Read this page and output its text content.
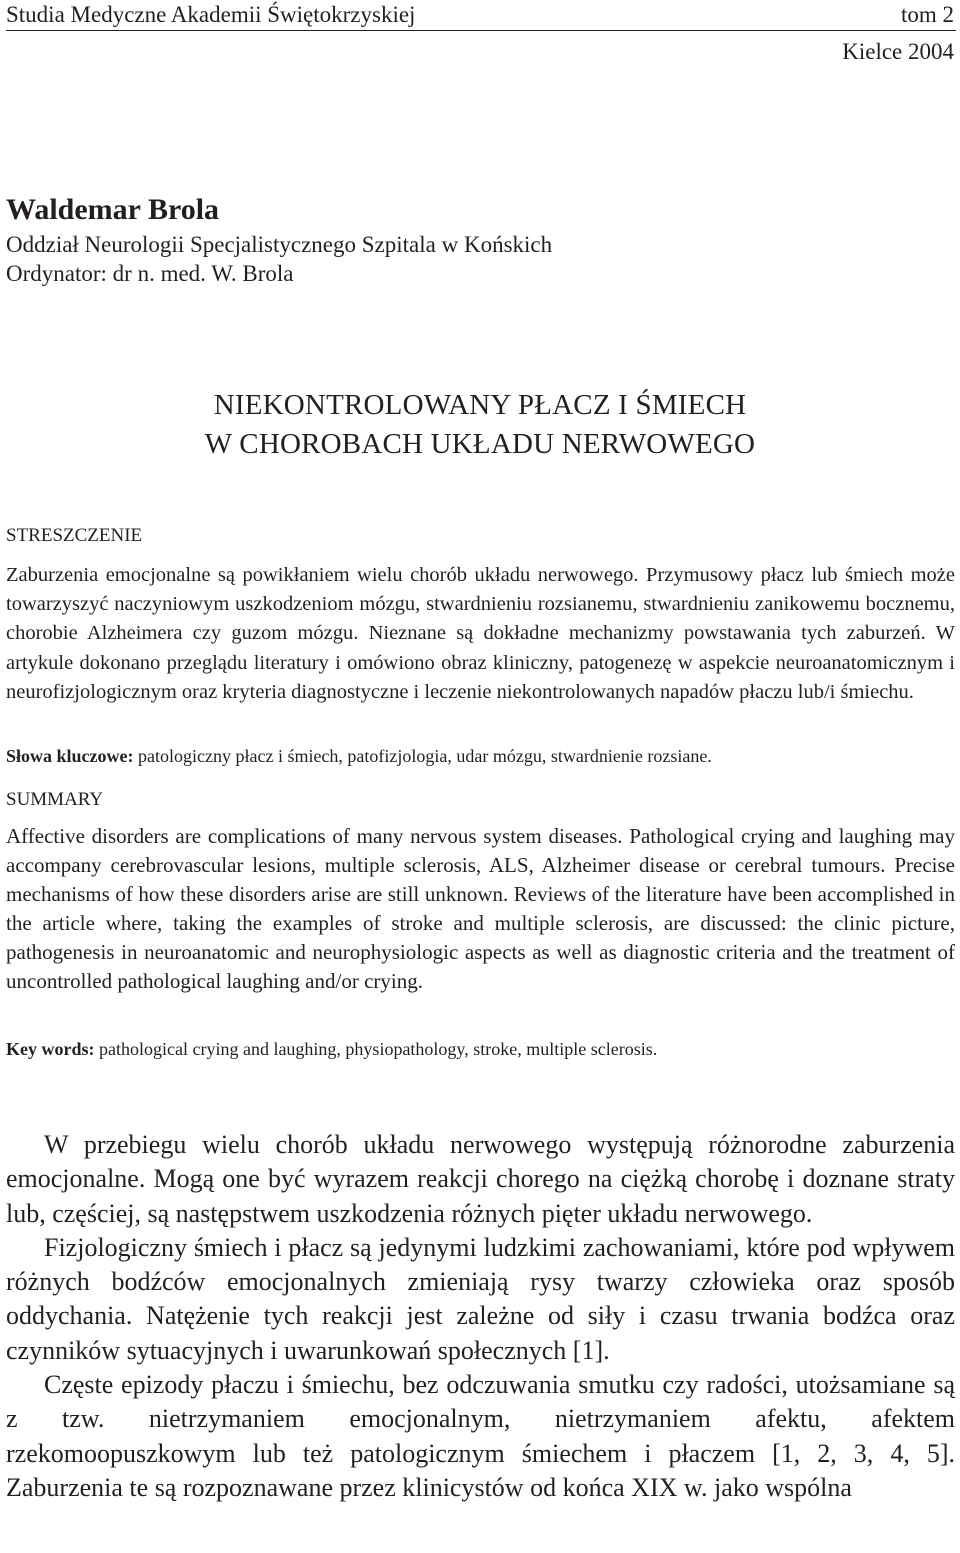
Studia Medyczne Akademii Świętokrzyskiej	tom 2
Kielce 2004
Waldemar Brola
Oddział Neurologii Specjalistycznego Szpitala w Końskich
Ordynator: dr n. med. W. Brola
NIEKONTROLOWANY PŁACZ I ŚMIECH
W CHOROBACH UKŁADU NERWOWEGO
STRESZCZENIE

Zaburzenia emocjonalne są powikłaniem wielu chorób układu nerwowego. Przymusowy płacz lub śmiech może towarzyszyć naczyniowym uszkodzeniom mózgu, stwardnieniu rozsianemu, stwardnieniu zanikowemu bocznemu, chorobie Alzheimera czy guzom mózgu. Nieznane są dokładne mechanizmy powstawania tych zaburzeń. W artykule dokonano przeglądu literatury i omówiono obraz kliniczny, patogenezę w aspekcie neuroanatomicznym i neurofizjologicznym oraz kryteria diagnostyczne i leczenie niekontrolowanych napadów płaczu lub/i śmiechu.

Słowa kluczowe: patologiczny płacz i śmiech, patofizjologia, udar mózgu, stwardnienie rozsiane.

SUMMARY

Affective disorders are complications of many nervous system diseases. Pathological crying and laughing may accompany cerebrovascular lesions, multiple sclerosis, ALS, Alzheimer disease or cerebral tumours. Precise mechanisms of how these disorders arise are still unknown. Reviews of the literature have been accomplished in the article where, taking the examples of stroke and multiple sclerosis, are discussed: the clinic picture, pathogenesis in neuroanatomic and neurophysiologic aspects as well as diagnostic criteria and the treatment of uncontrolled pathological laughing and/or crying.

Key words: pathological crying and laughing, physiopathology, stroke, multiple sclerosis.

W przebiegu wielu chorób układu nerwowego występują różnorodne zaburzenia emocjonalne. Mogą one być wyrazem reakcji chorego na ciężką chorobę i doznane straty lub, częściej, są następstwem uszkodzenia różnych pięter układu nerwowego.

Fizjologiczny śmiech i płacz są jedynymi ludzkimi zachowaniami, które pod wpływem różnych bodźców emocjonalnych zmieniają rysy twarzy człowieka oraz sposób oddychania. Natężenie tych reakcji jest zależne od siły i czasu trwania bodźca oraz czynników sytuacyjnych i uwarunkowań społecznych [1].

Częste epizody płaczu i śmiechu, bez odczuwania smutku czy radości, utożsamiane są z tzw. nietrzymaniem emocjonalnym, nietrzymaniem afektu, afektem rzekomoopuszkowym lub też patologicznym śmiechem i płaczem [1, 2, 3, 4, 5]. Zaburzenia te są rozpoznawane przez klinicystów od końca XIX w. jako wspólna
